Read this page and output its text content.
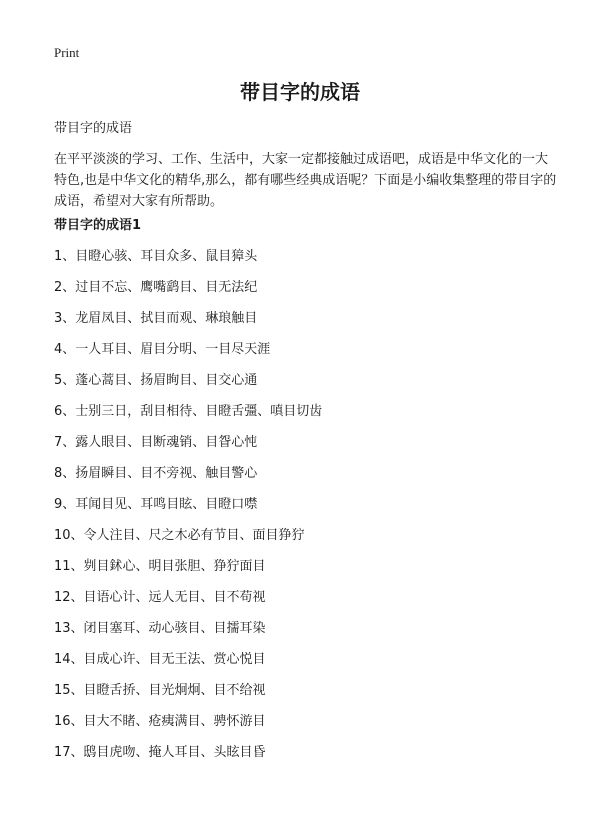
Print
带目字的成语

带目字的成语

在平平淡淡的学习、工作、生活中，大家一定都接触过成语吧，成语是中华文化的一大特色,也是中华文化的精华,那么，都有哪些经典成语呢？下面是小编收集整理的带目字的成语，希望对大家有所帮助。

带目字的成语1
1、目瞪心骇、耳目众多、鼠目獐头
2、过目不忘、鹰嘴鹞目、目无法纪
3、龙眉凤目、拭目而观、琳琅触目
4、一人耳目、眉目分明、一目尽天涯
5、蓬心蒿目、扬眉眴目、目交心通
6、士别三日，刮目相待、目瞪舌彊、嗔目切齿
7、露人眼目、目断魂销、目眢心忳
8、扬眉瞬目、目不旁视、触目警心
9、耳闻目见、耳鸣目眩、目瞪口噤
10、令人注目、尺之木必有节目、面目狰狞
11、刿目鉥心、明目张胆、狰狞面目
12、目语心计、远人无目、目不苟视
13、闭目塞耳、动心骇目、目擩耳染
14、目成心许、目无王法、赏心悦目
15、目瞪舌挢、目光炯炯、目不给视
16、目大不睹、疮痍满目、骋怀游目
17、鸱目虎吻、掩人耳目、头眩目昏
